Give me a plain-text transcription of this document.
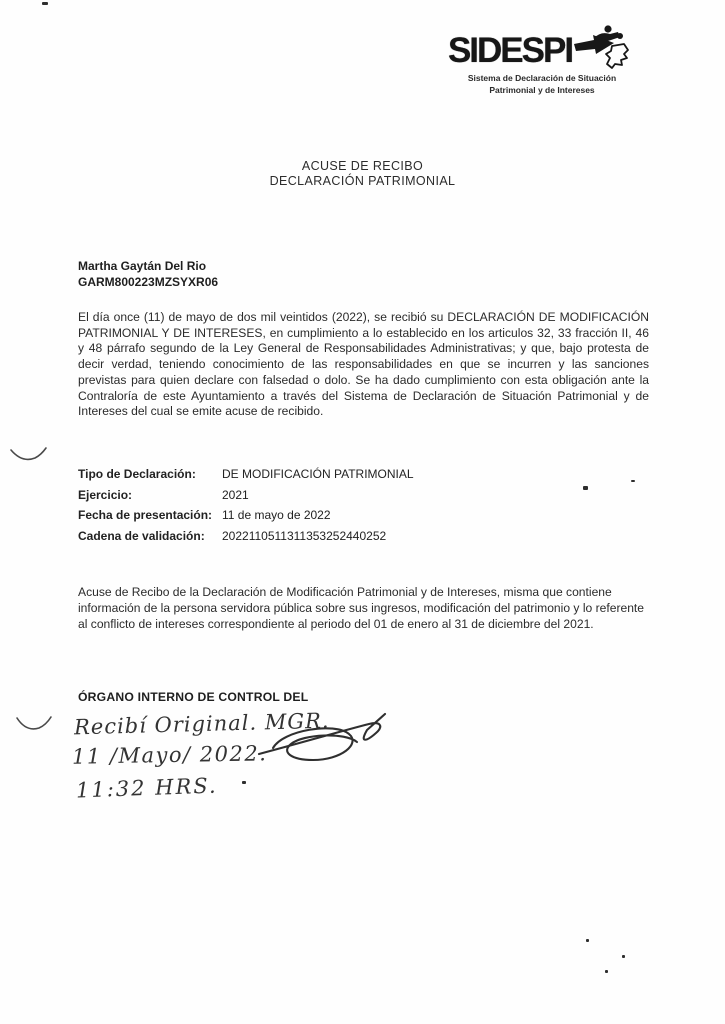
SIDESPI
Sistema de Declaración de Situación
Patrimonial y de Intereses
ACUSE DE RECIBO
DECLARACIÓN PATRIMONIAL
Martha Gaytán Del Rio
GARM800223MZSYXR06
El día once (11) de mayo de dos mil veintidos (2022), se recibió su DECLARACIÓN DE MODIFICACIÓN PATRIMONIAL Y DE INTERESES, en cumplimiento a lo establecido en los articulos 32, 33 fracción II, 46 y 48 párrafo segundo de la Ley General de Responsabilidades Administrativas; y que, bajo protesta de decir verdad, teniendo conocimiento de las responsabilidades en que se incurren y las sanciones previstas para quien declare con falsedad o dolo. Se ha dado cumplimiento con esta obligación ante la Contraloría de este Ayuntamiento a través del Sistema de Declaración de Situación Patrimonial y de Intereses del cual se emite acuse de recibido.
Tipo de Declaración:	DE MODIFICACIÓN PATRIMONIAL
Ejercicio:	2021
Fecha de presentación: 11 de mayo de 2022
Cadena de validación:	2022110511311353252440252
Acuse de Recibo de la Declaración de Modificación Patrimonial y de Intereses, misma que contiene información de la persona servidora pública sobre sus ingresos, modificación del patrimonio y lo referente al conflicto de intereses correspondiente al periodo del 01 de enero al 31 de diciembre del 2021.
ÓRGANO INTERNO DE CONTROL DEL
Recibí Original. MGR.
11 /Mayo/ 2022.
11:32 HRS.
